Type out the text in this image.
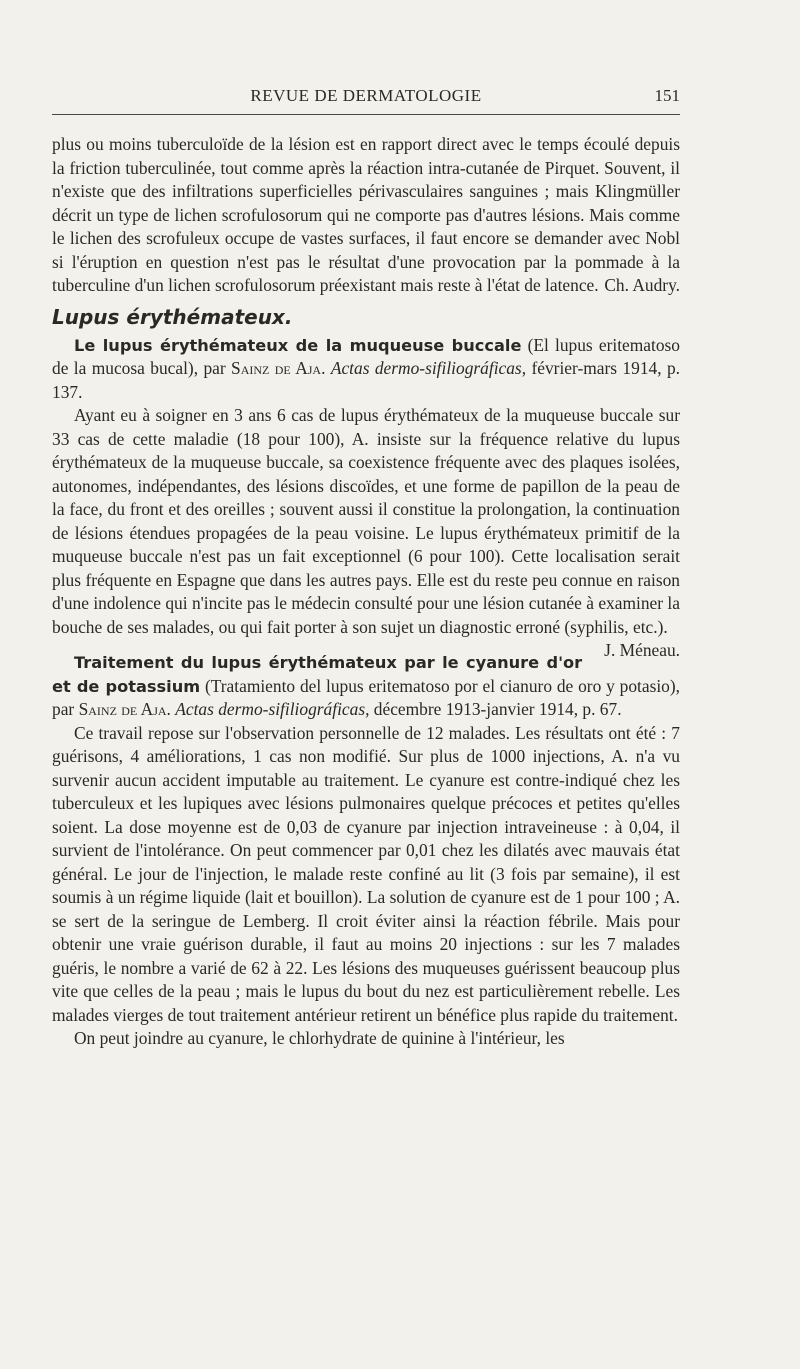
REVUE DE DERMATOLOGIE	151

plus ou moins tuberculoïde de la lésion est en rapport direct avec le temps écoulé depuis la friction tuberculinée, tout comme après la réaction intra-cutanée de Pirquet. Souvent, il n'existe que des infiltrations superficielles périvasculaires sanguines ; mais Klingmüller décrit un type de lichen scrofulosorum qui ne comporte pas d'autres lésions. Mais comme le lichen des scrofuleux occupe de vastes surfaces, il faut encore se demander avec Nobl si l'éruption en question n'est pas le résultat d'une provocation par la pommade à la tuberculine d'un lichen scrofulosorum préexistant mais reste à l'état de latence. Ch. Audry.

Lupus érythémateux.

Le lupus érythémateux de la muqueuse buccale (El lupus eritematoso de la mucosa bucal), par Sainz de Aja. Actas dermo-sifiliográficas, février-mars 1914, p. 137.

Ayant eu à soigner en 3 ans 6 cas de lupus érythémateux de la muqueuse buccale sur 33 cas de cette maladie (18 pour 100), A. insiste sur la fréquence relative du lupus érythémateux de la muqueuse buccale, sa coexistence fréquente avec des plaques isolées, autonomes, indépendantes, des lésions discoïdes, et une forme de papillon de la peau de la face, du front et des oreilles ; souvent aussi il constitue la prolongation, la continuation de lésions étendues propagées de la peau voisine. Le lupus érythémateux primitif de la muqueuse buccale n'est pas un fait exceptionnel (6 pour 100). Cette localisation serait plus fréquente en Espagne que dans les autres pays. Elle est du reste peu connue en raison d'une indolence qui n'incite pas le médecin consulté pour une lésion cutanée à examiner la bouche de ses malades, ou qui fait porter à son sujet un diagnostic erroné (syphilis, etc.).
J. Méneau.

Traitement du lupus érythémateux par le cyanure d'or et de potassium (Tratamiento del lupus eritematoso por el cianuro de oro y potasio), par Sainz de Aja. Actas dermo-sifiliográficas, décembre 1913-janvier 1914, p. 67.

Ce travail repose sur l'observation personnelle de 12 malades. Les résultats ont été : 7 guérisons, 4 améliorations, 1 cas non modifié. Sur plus de 1000 injections, A. n'a vu survenir aucun accident imputable au traitement. Le cyanure est contre-indiqué chez les tuberculeux et les lupiques avec lésions pulmonaires quelque précoces et petites qu'elles soient. La dose moyenne est de 0,03 de cyanure par injection intraveineuse : à 0,04, il survient de l'intolérance. On peut commencer par 0,01 chez les dilatés avec mauvais état général. Le jour de l'injection, le malade reste confiné au lit (3 fois par semaine), il est soumis à un régime liquide (lait et bouillon). La solution de cyanure est de 1 pour 100 ; A. se sert de la seringue de Lemberg. Il croit éviter ainsi la réaction fébrile. Mais pour obtenir une vraie guérison durable, il faut au moins 20 injections : sur les 7 malades guéris, le nombre a varié de 62 à 22. Les lésions des muqueuses guérissent beaucoup plus vite que celles de la peau ; mais le lupus du bout du nez est particulièrement rebelle. Les malades vierges de tout traitement antérieur retirent un bénéfice plus rapide du traitement.

On peut joindre au cyanure, le chlorhydrate de quinine à l'intérieur, les
